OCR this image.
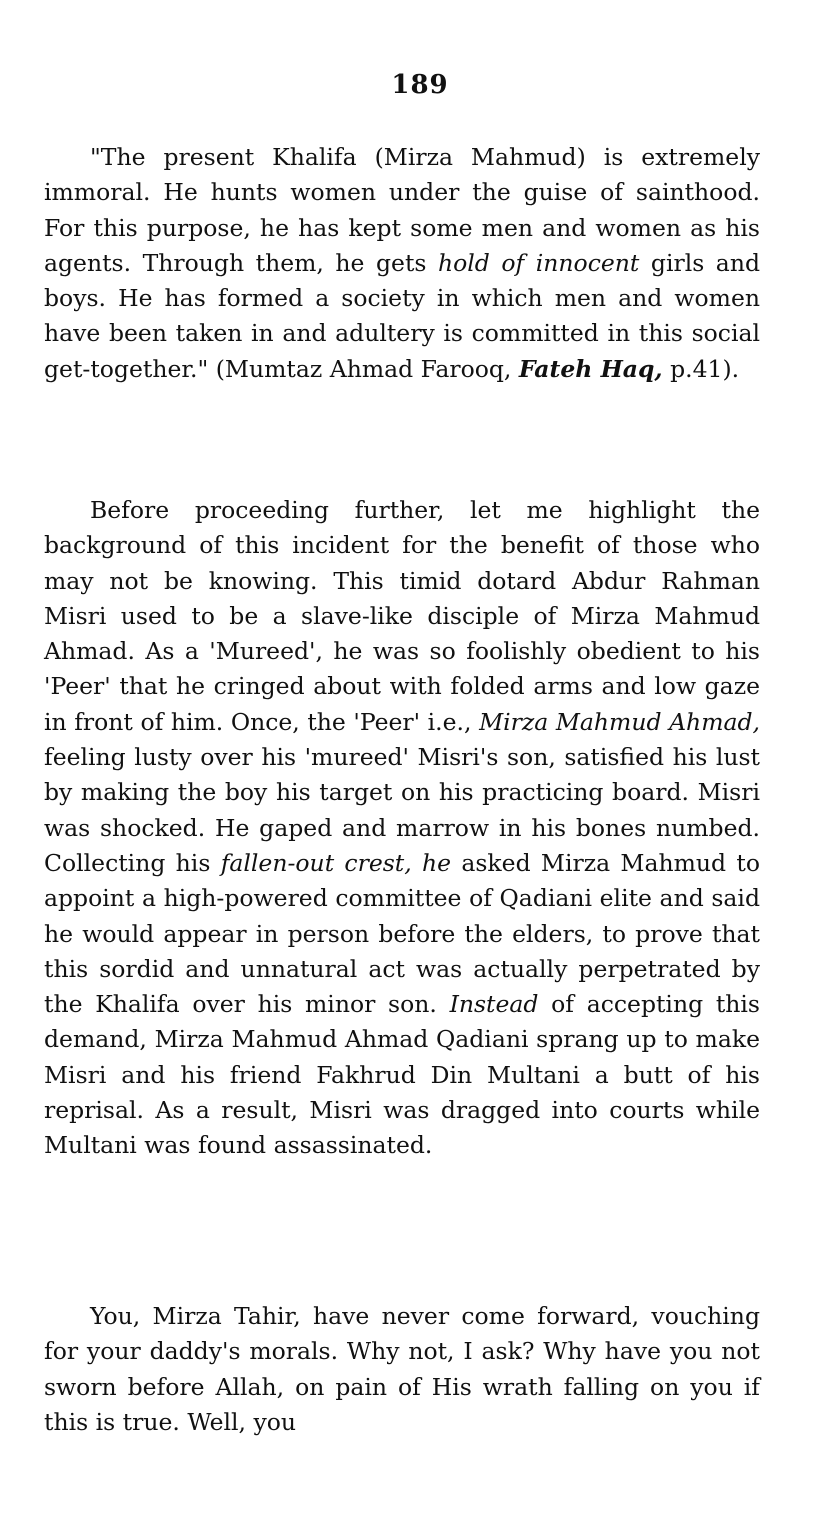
189
"The present Khalifa (Mirza Mahmud) is extremely immoral. He hunts women under the guise of sainthood. For this purpose, he has kept some men and women as his agents. Through them, he gets hold of innocent girls and boys. He has formed a society in which men and women have been taken in and adultery is committed in this social get-together." (Mumtaz Ahmad Farooq, Fateh Haq, p.41).
Before proceeding further, let me highlight the background of this incident for the benefit of those who may not be knowing. This timid dotard Abdur Rahman Misri used to be a slave-like disciple of Mirza Mahmud Ahmad. As a 'Mureed', he was so foolishly obedient to his 'Peer' that he cringed about with folded arms and low gaze in front of him. Once, the 'Peer' i.e., Mirza Mahmud Ahmad, feeling lusty over his 'mureed' Misri's son, satisfied his lust by making the boy his target on his practicing board. Misri was shocked. He gaped and marrow in his bones numbed. Collecting his fallen-out crest, he asked Mirza Mahmud to appoint a high-powered committee of Qadiani elite and said he would appear in person before the elders, to prove that this sordid and unnatural act was actually perpetrated by the Khalifa over his minor son. Instead of accepting this demand, Mirza Mahmud Ahmad Qadiani sprang up to make Misri and his friend Fakhrud Din Multani a butt of his reprisal. As a result, Misri was dragged into courts while Multani was found assassinated.
You, Mirza Tahir, have never come forward, vouching for your daddy's morals. Why not, I ask? Why have you not sworn before Allah, on pain of His wrath falling on you if this is true. Well, you
